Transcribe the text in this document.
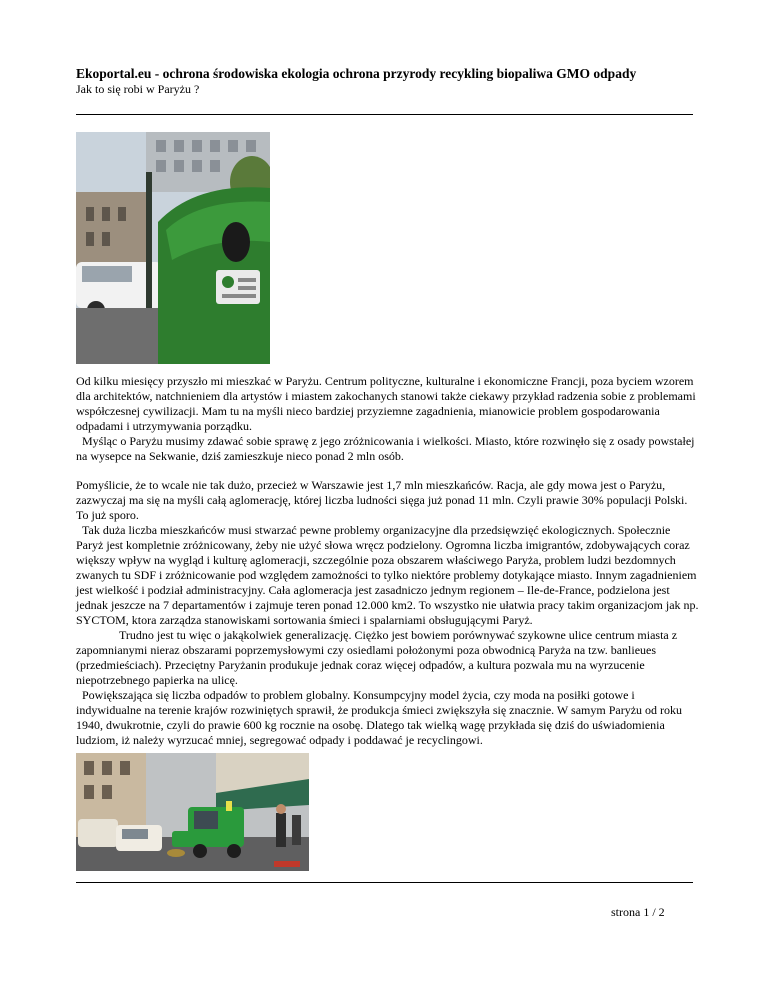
Ekoportal.eu - ochrona środowiska ekologia ochrona przyrody recykling biopaliwa GMO odpady
Jak to się robi w Paryżu ?

Od kilku miesięcy przyszło mi mieszkać w Paryżu. Centrum polityczne, kulturalne i ekonomiczne Francji, poza byciem wzorem dla architektów, natchnieniem dla artystów i miastem zakochanych stanowi także ciekawy przykład radzenia sobie z problemami współczesnej cywilizacji. Mam tu na myśli nieco bardziej przyziemne zagadnienia, mianowicie problem gospodarowania odpadami i utrzymywania porządku.

Myśląc o Paryżu musimy zdawać sobie sprawę z jego zróżnicowania i wielkości. Miasto, które rozwinęło się z osady powstałej na wysepce na Sekwanie, dziś zamieszkuje nieco ponad 2 mln osób.

Pomyślicie, że to wcale nie tak dużo, przecież w Warszawie jest 1,7 mln mieszkańców. Racja, ale gdy mowa jest o Paryżu, zazwyczaj ma się na myśli całą aglomerację, której liczba ludności sięga już ponad 11 mln. Czyli prawie 30% populacji Polski. To już sporo.

Tak duża liczba mieszkańców musi stwarzać pewne problemy organizacyjne dla przedsięwzięć ekologicznych. Społecznie Paryż jest kompletnie zróżnicowany, żeby nie użyć słowa wręcz podzielony. Ogromna liczba imigrantów, zdobywających coraz większy wpływ na wygląd i kulturę aglomeracji, szczególnie poza obszarem właściwego Paryża, problem ludzi bezdomnych zwanych tu SDF i zróżnicowanie pod względem zamożności to tylko niektóre problemy dotykające miasto. Innym zagadnieniem jest wielkość i podział administracyjny. Cała aglomeracja jest zasadniczo jednym regionem – Ile-de-France, podzielona jest jednak jeszcze na 7 departamentów i zajmuje teren ponad 12.000 km2. To wszystko nie ułatwia pracy takim organizacjom jak np. SYCTOM, ktora zarządza stanowiskami sortowania śmieci i spalarniami obsługującymi Paryż.

Trudno jest tu więc o jakąkolwiek generalizację. Ciężko jest bowiem porównywać szykowne ulice centrum miasta z zapomnianymi nieraz obszarami poprzemysłowymi czy osiedlami położonymi poza obwodnicą Paryża na tzw. banlieues (przedmieściach). Przeciętny Paryżanin produkuje jednak coraz więcej odpadów, a kultura pozwala mu na wyrzucenie niepotrzebnego papierka na ulicę.

Powiększająca się liczba odpadów to problem globalny. Konsumpcyjny model życia, czy moda na posiłki gotowe i indywidualne na terenie krajów rozwiniętych sprawił, że produkcja śmieci zwiększyła się znacznie. W samym Paryżu od roku 1940, dwukrotnie, czyli do prawie 600 kg rocznie na osobę. Dlatego tak wielką wagę przykłada się dziś do uświadomienia ludziom, iż należy wyrzucać mniej, segregować odpady i poddawać je recyclingowi.

strona 1 / 2
